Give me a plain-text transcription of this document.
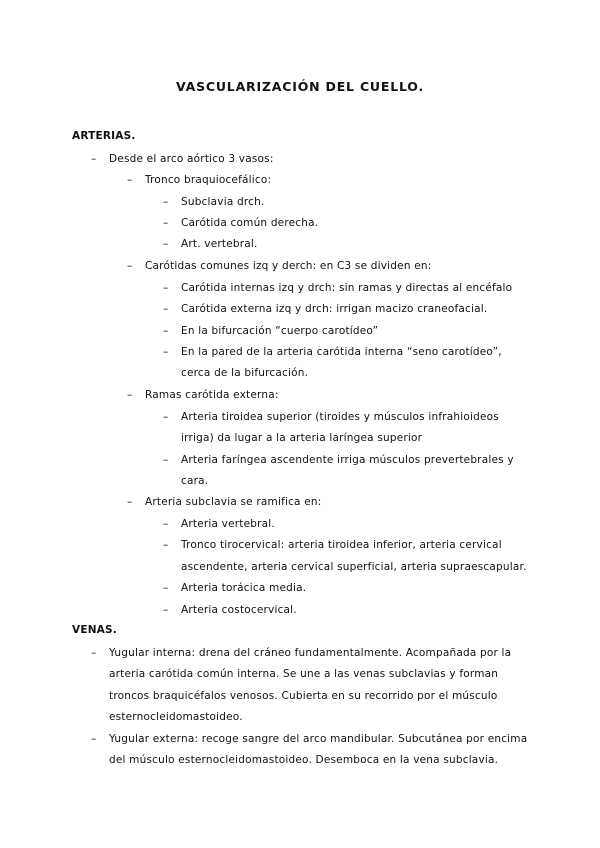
VASCULARIZACIÓN DEL CUELLO.
ARTERIAS.
– Desde el arco aórtico 3 vasos:
– Tronco braquiocefálico:
– Subclavia drch.
– Carótida común derecha.
– Art. vertebral.
– Carótidas comunes izq y derch: en C3 se dividen en:
– Carótida internas izq y drch: sin ramas y directas al encéfalo
– Carótida externa izq y drch: irrigan macizo craneofacial.
– En la bifurcación “cuerpo carotídeo”
– En la pared de la arteria carótida interna “seno carotídeo”,
cerca de la bifurcación.
– Ramas carótida externa:
– Arteria tiroidea superior (tiroides y músculos infrahioideos
irriga) da lugar a la arteria laríngea superior
– Arteria faríngea ascendente irriga músculos prevertebrales y
cara.
– Arteria subclavia se ramifica en:
– Arteria vertebral.
– Tronco tirocervical: arteria tiroidea inferior, arteria cervical
ascendente, arteria cervical superficial, arteria supraescapular.
– Arteria torácica media.
– Arteria costocervical.
VENAS.
– Yugular interna: drena del cráneo fundamentalmente. Acompañada por la
arteria carótida común interna. Se une a las venas subclavias y forman
troncos braquicéfalos venosos. Cubierta en su recorrido por el músculo
esternocleidomastoideo.
– Yugular externa: recoge sangre del arco mandibular. Subcutánea por encima
del músculo esternocleidomastoideo. Desemboca en la vena subclavia.
